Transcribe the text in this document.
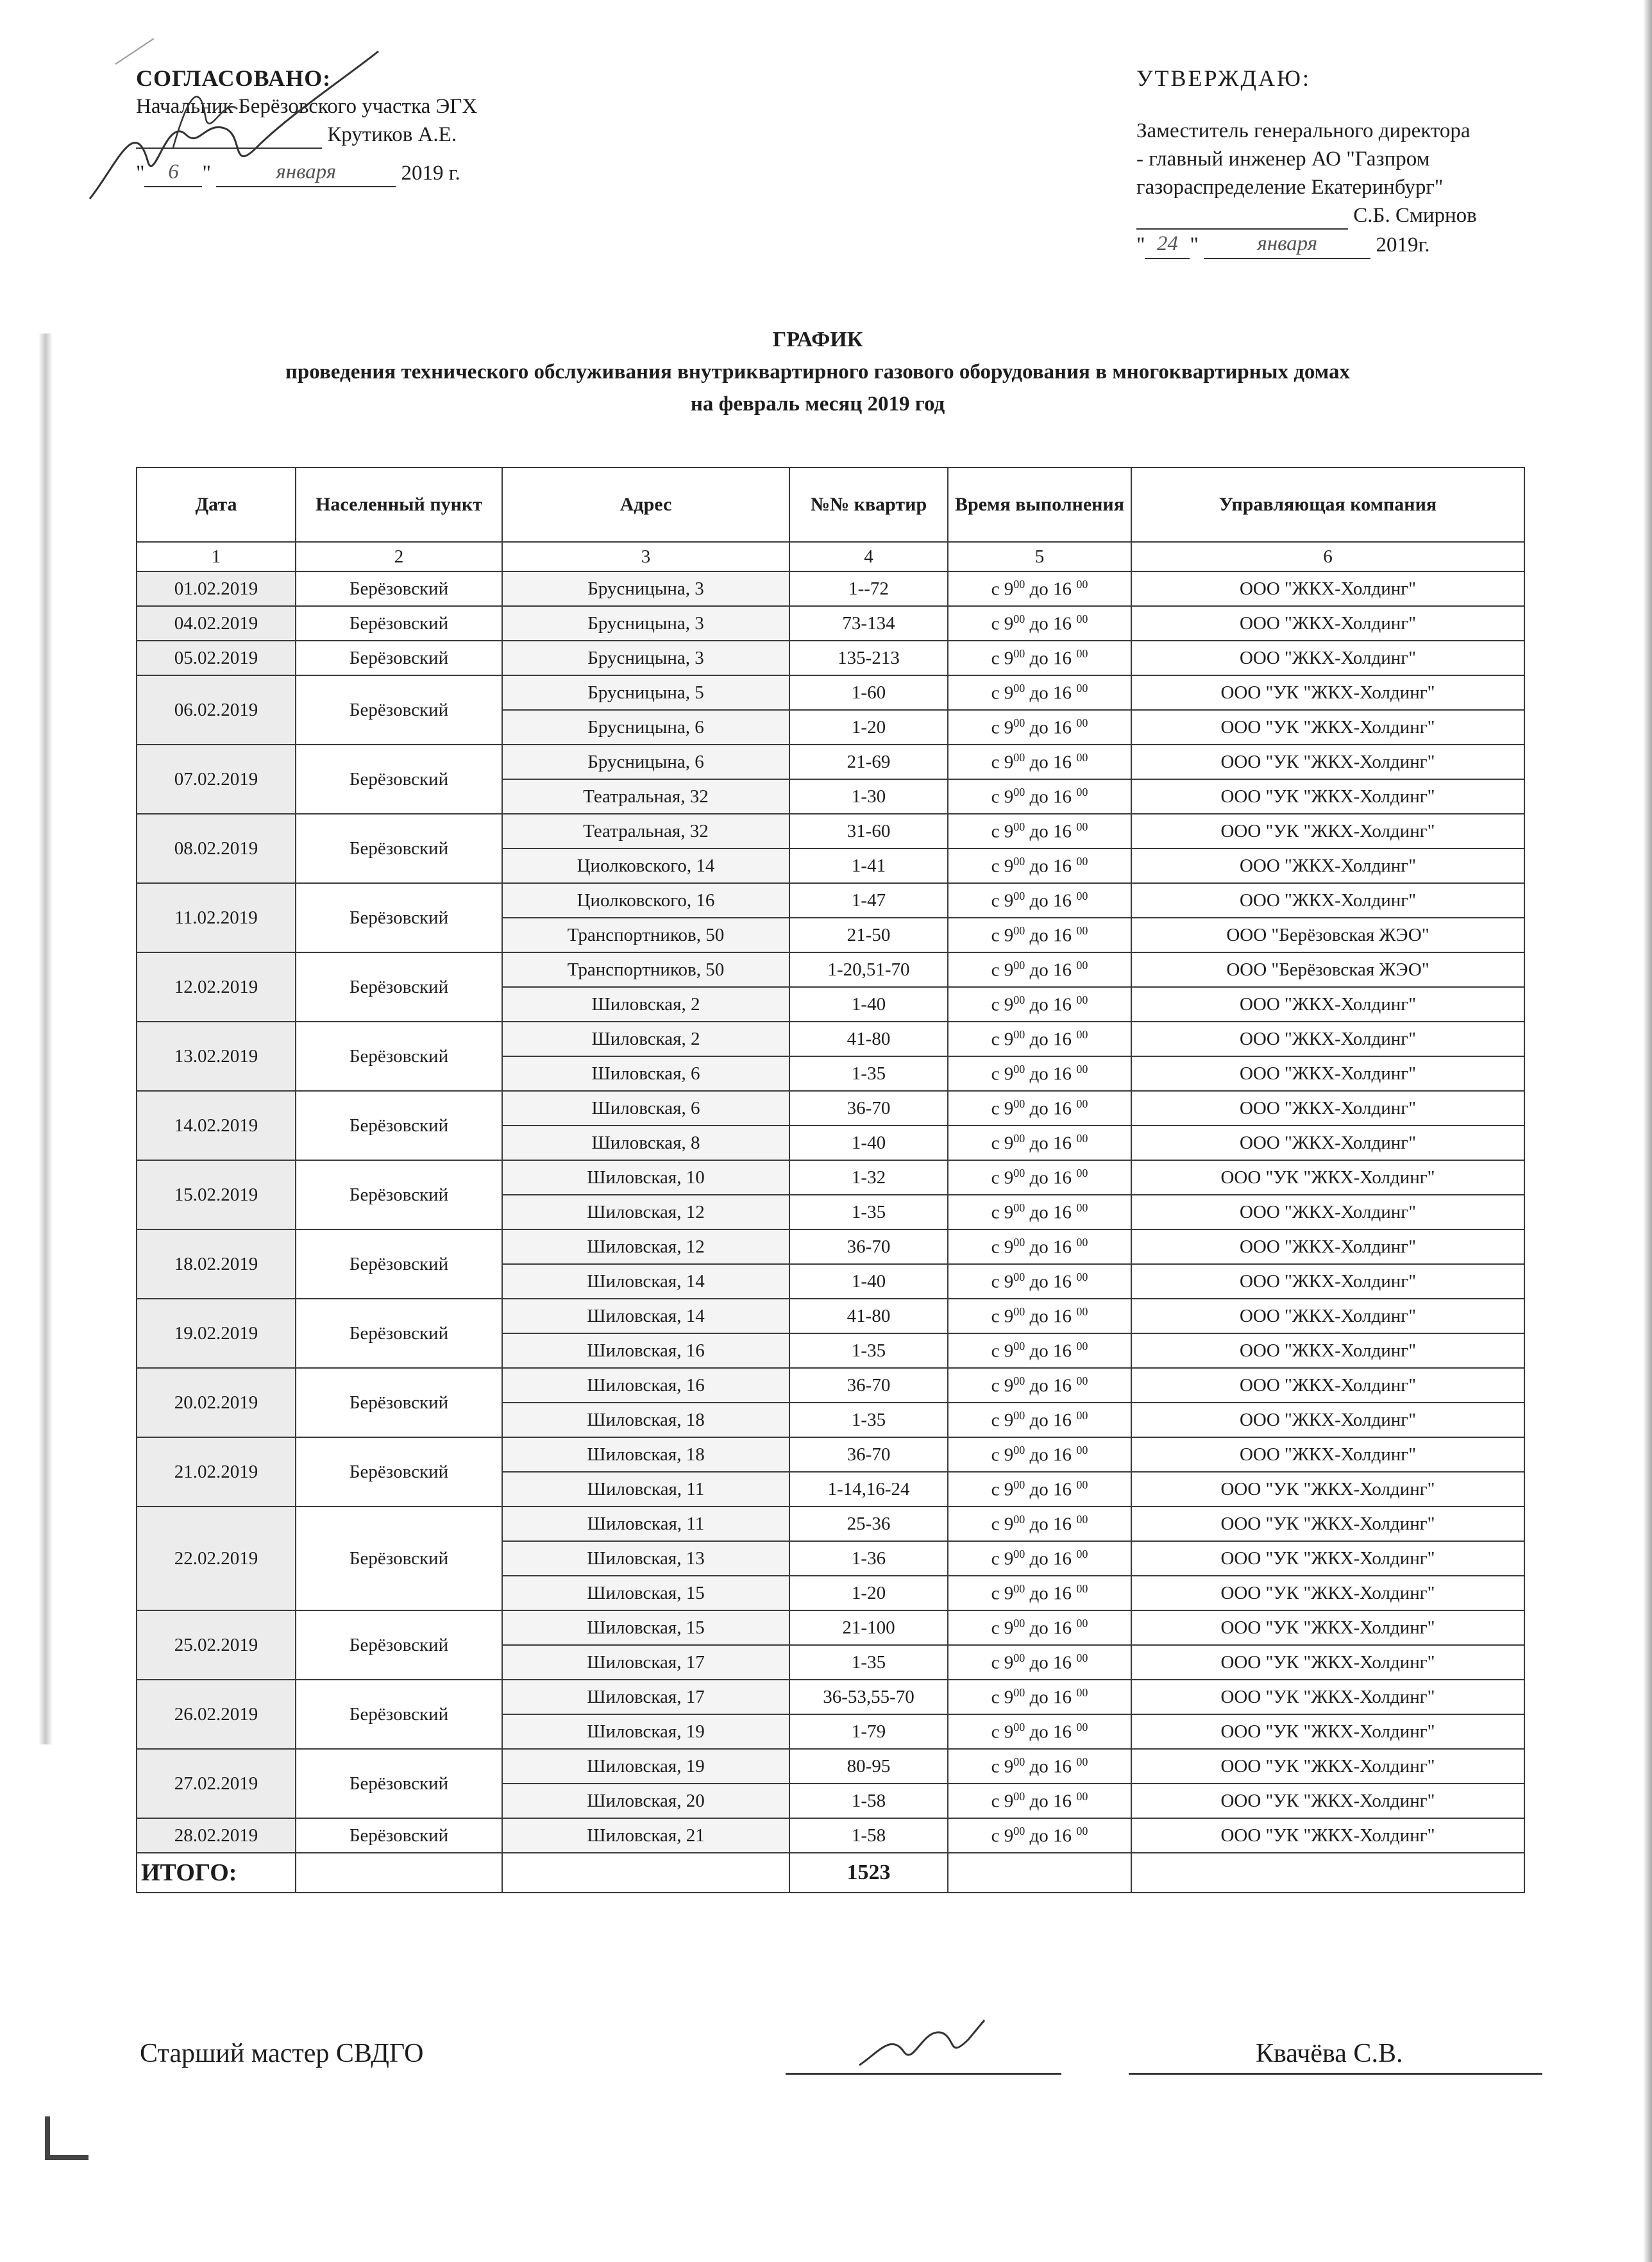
СОГЛАСОВАНО:
Начальник Берёзовского участка ЭГХ
Крутиков А.Е.
" 6 "	января	2019 г.
УТВЕРЖДАЮ:
Заместитель генерального директора
- главный инженер АО "Газпром
газораспределение Екатеринбург"
С.Б. Смирнов
" 24 "	января	2019г.
ГРАФИК
проведения технического обслуживания внутриквартирного газового оборудования в многоквартирных домах
на февраль месяц 2019 год
Дата	Населенный пункт	Адрес	№№ квартир	Время выполнения	Управляющая компания
1	2	3	4	5	6
01.02.2019	Берёзовский	Брусницына, 3	1--72	с $9^{00}$ до 16 $^{00}$	ООО "ЖКХ-Холдинг"
04.02.2019	Берёзовский	Брусницына, 3	73-134	с $9^{00}$ до 16 $^{00}$	ООО "ЖКХ-Холдинг"
05.02.2019	Берёзовский	Брусницына, 3	135-213	с $9^{00}$ до 16 $^{00}$	ООО "ЖКХ-Холдинг"
06.02.2019	Берёзовский	Брусницына, 5	1-60	с $9^{00}$ до 16 $^{00}$	ООО "УК "ЖКХ-Холдинг"
		Брусницына, 6	1-20	с $9^{00}$ до 16 $^{00}$	ООО "УК "ЖКХ-Холдинг"
07.02.2019	Берёзовский	Брусницына, 6	21-69	с $9^{00}$ до 16 $^{00}$	ООО "УК "ЖКХ-Холдинг"
		Театральная, 32	1-30	с $9^{00}$ до 16 $^{00}$	ООО "УК "ЖКХ-Холдинг"
08.02.2019	Берёзовский	Театральная, 32	31-60	с $9^{00}$ до 16 $^{00}$	ООО "УК "ЖКХ-Холдинг"
		Циолковского, 14	1-41	с $9^{00}$ до 16 $^{00}$	ООО "ЖКХ-Холдинг"
11.02.2019	Берёзовский	Циолковского, 16	1-47	с $9^{00}$ до 16 $^{00}$	ООО "ЖКХ-Холдинг"
		Транспортников, 50	21-50	с $9^{00}$ до 16 $^{00}$	ООО "Берёзовская ЖЭО"
12.02.2019	Берёзовский	Транспортников, 50	1-20,51-70	с $9^{00}$ до 16 $^{00}$	ООО "Берёзовская ЖЭО"
		Шиловская, 2	1-40	с $9^{00}$ до 16 $^{00}$	ООО "ЖКХ-Холдинг"
13.02.2019	Берёзовский	Шиловская, 2	41-80	с $9^{00}$ до 16 $^{00}$	ООО "ЖКХ-Холдинг"
		Шиловская, 6	1-35	с $9^{00}$ до 16 $^{00}$	ООО "ЖКХ-Холдинг"
14.02.2019	Берёзовский	Шиловская, 6	36-70	с $9^{00}$ до 16 $^{00}$	ООО "ЖКХ-Холдинг"
		Шиловская, 8	1-40	с $9^{00}$ до 16 $^{00}$	ООО "ЖКХ-Холдинг"
15.02.2019	Берёзовский	Шиловская, 10	1-32	с $9^{00}$ до 16 $^{00}$	ООО "УК "ЖКХ-Холдинг"
		Шиловская, 12	1-35	с $9^{00}$ до 16 $^{00}$	ООО "ЖКХ-Холдинг"
18.02.2019	Берёзовский	Шиловская, 12	36-70	с $9^{00}$ до 16 $^{00}$	ООО "ЖКХ-Холдинг"
		Шиловская, 14	1-40	с $9^{00}$ до 16 $^{00}$	ООО "ЖКХ-Холдинг"
19.02.2019	Берёзовский	Шиловская, 14	41-80	с $9^{00}$ до 16 $^{00}$	ООО "ЖКХ-Холдинг"
		Шиловская, 16	1-35	с $9^{00}$ до 16 $^{00}$	ООО "ЖКХ-Холдинг"
20.02.2019	Берёзовский	Шиловская, 16	36-70	с $9^{00}$ до 16 $^{00}$	ООО "ЖКХ-Холдинг"
		Шиловская, 18	1-35	с $9^{00}$ до 16 $^{00}$	ООО "ЖКХ-Холдинг"
21.02.2019	Берёзовский	Шиловская, 18	36-70	с $9^{00}$ до 16 $^{00}$	ООО "ЖКХ-Холдинг"
		Шиловская, 11	1-14,16-24	с $9^{00}$ до 16 $^{00}$	ООО "УК "ЖКХ-Холдинг"
22.02.2019	Берёзовский	Шиловская, 11	25-36	с $9^{00}$ до 16 $^{00}$	ООО "УК "ЖКХ-Холдинг"
		Шиловская, 13	1-36	с $9^{00}$ до 16 $^{00}$	ООО "УК "ЖКХ-Холдинг"
		Шиловская, 15	1-20	с $9^{00}$ до 16 $^{00}$	ООО "УК "ЖКХ-Холдинг"
25.02.2019	Берёзовский	Шиловская, 15	21-100	с $9^{00}$ до 16 $^{00}$	ООО "УК "ЖКХ-Холдинг"
		Шиловская, 17	1-35	с $9^{00}$ до 16 $^{00}$	ООО "УК "ЖКХ-Холдинг"
26.02.2019	Берёзовский	Шиловская, 17	36-53,55-70	с $9^{00}$ до 16 $^{00}$	ООО "УК "ЖКХ-Холдинг"
		Шиловская, 19	1-79	с $9^{00}$ до 16 $^{00}$	ООО "УК "ЖКХ-Холдинг"
27.02.2019	Берёзовский	Шиловская, 19	80-95	с $9^{00}$ до 16 $^{00}$	ООО "УК "ЖКХ-Холдинг"
		Шиловская, 20	1-58	с $9^{00}$ до 16 $^{00}$	ООО "УК "ЖКХ-Холдинг"
28.02.2019	Берёзовский	Шиловская, 21	1-58	с $9^{00}$ до 16 $^{00}$	ООО "УК "ЖКХ-Холдинг"
ИТОГО:			1523		
Старший мастер СВДГО	Квачёва С.В.
